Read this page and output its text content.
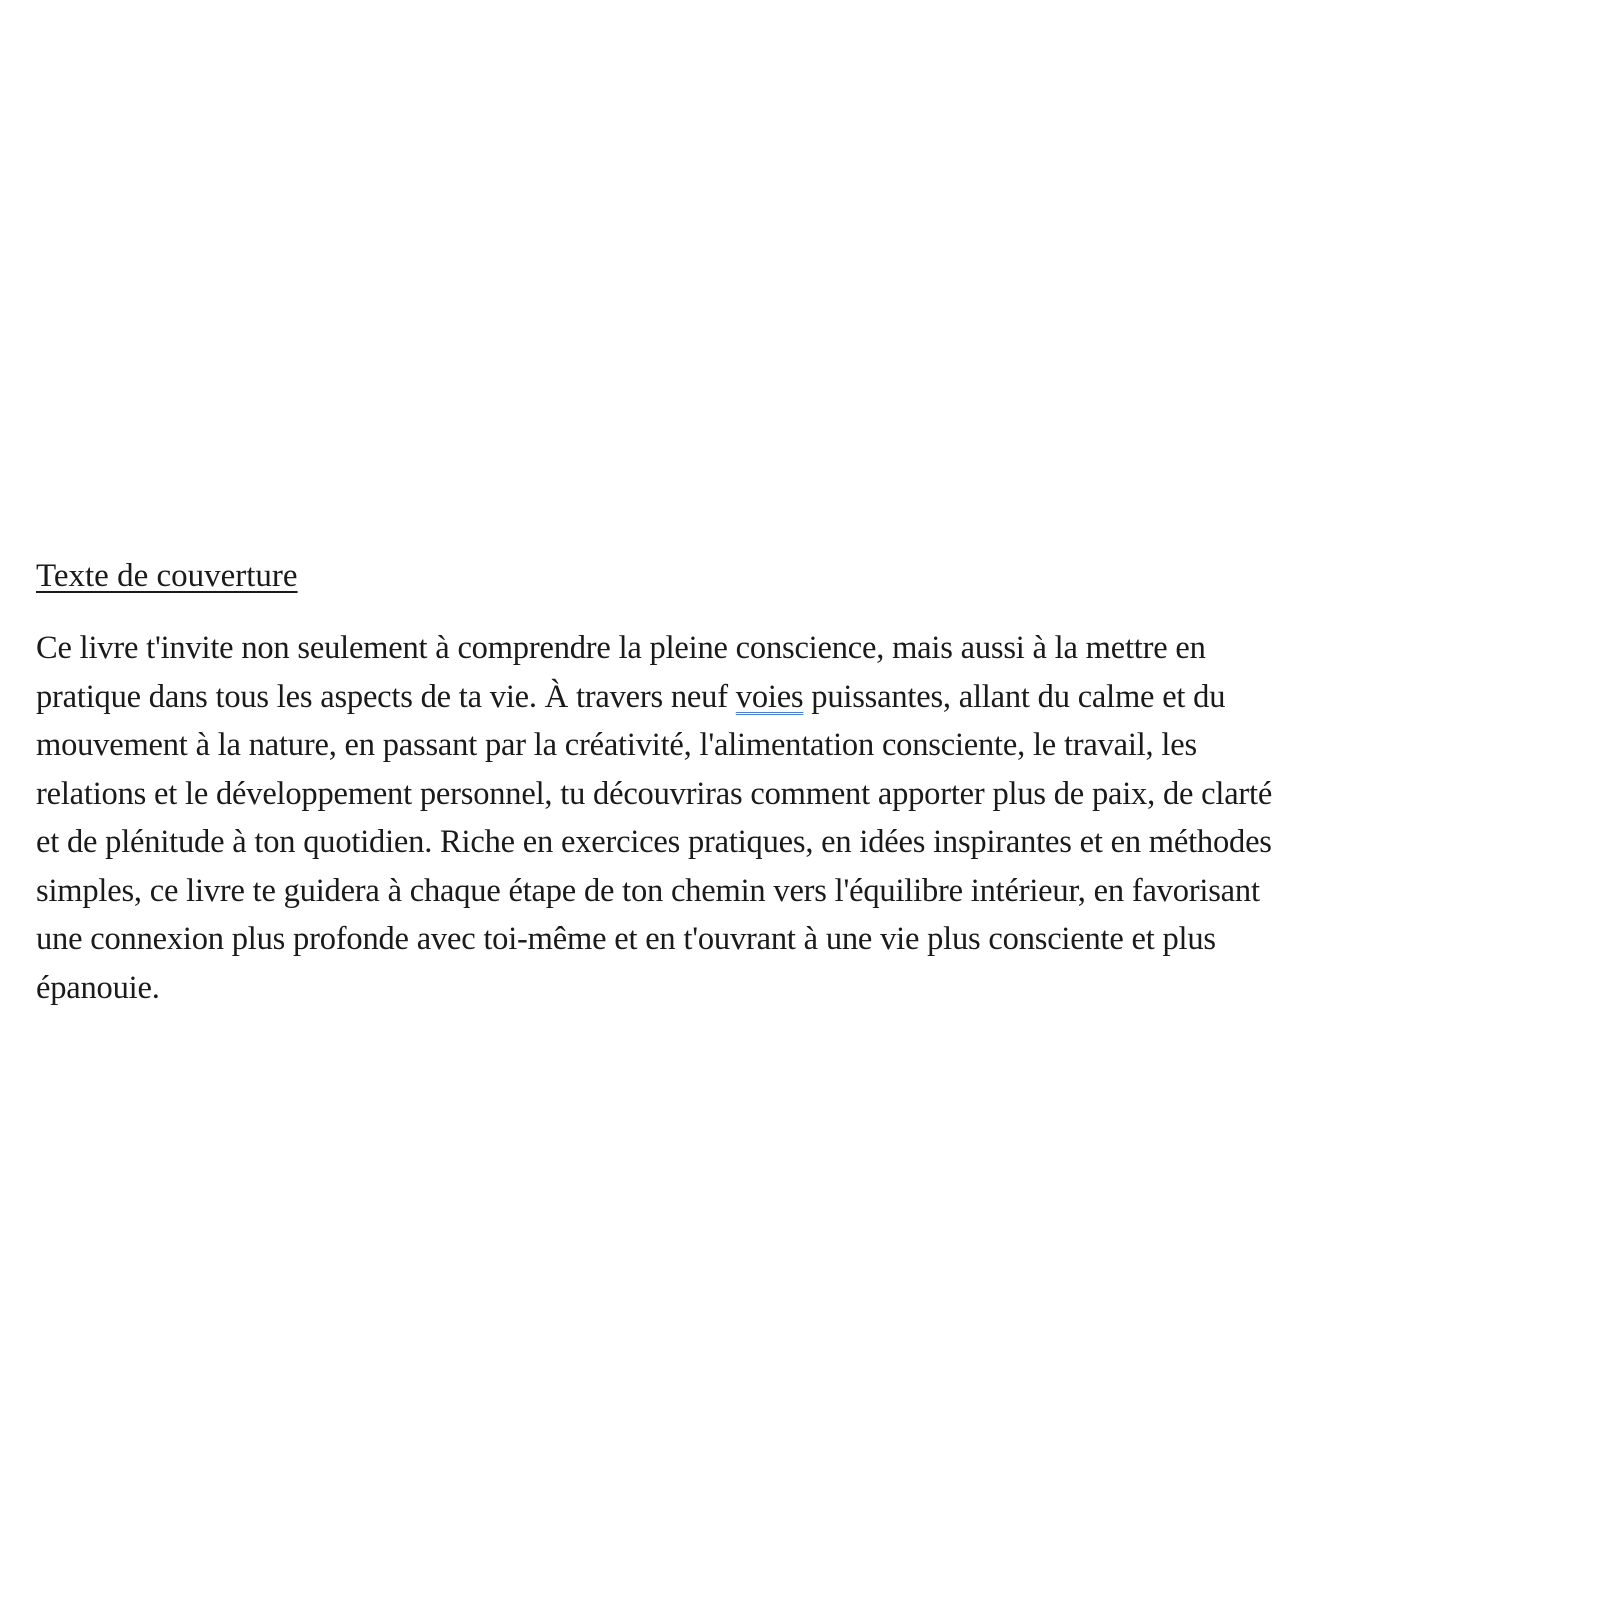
Texte de couverture

Ce livre t'invite non seulement à comprendre la pleine conscience, mais aussi à la mettre en
pratique dans tous les aspects de ta vie. À travers neuf voies puissantes, allant du calme et du
mouvement à la nature, en passant par la créativité, l'alimentation consciente, le travail, les
relations et le développement personnel, tu découvriras comment apporter plus de paix, de clarté
et de plénitude à ton quotidien. Riche en exercices pratiques, en idées inspirantes et en méthodes
simples, ce livre te guidera à chaque étape de ton chemin vers l'équilibre intérieur, en favorisant
une connexion plus profonde avec toi-même et en t'ouvrant à une vie plus consciente et plus
épanouie.
